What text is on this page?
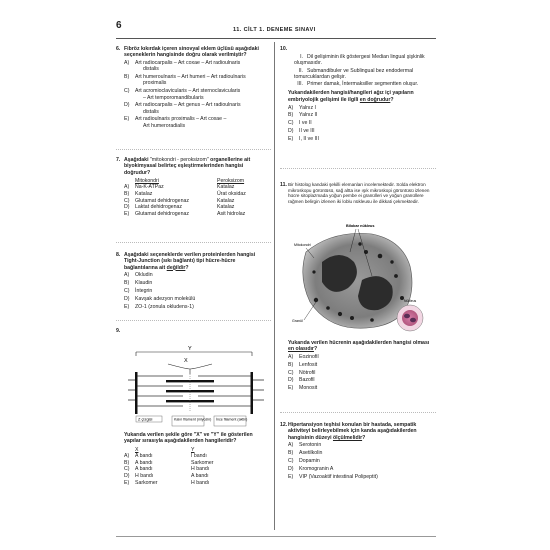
6	11. CİLT 1. DENEME SINAVI
6. Fibröz kıkırdak içeren sinovyal eklem üçlüsü aşağıdaki seçeneklerin hangisinde doğru olarak verilmiştir?
A) Art radiocarpalis – Art coxae – Art radioulnaris
distalis
B) Art humeroulnaris – Art humeri – Art radioulnaris
proximalis
C) Art acromioclavicularis – Art sternoclavicularis
– Art temporomandibularis
D) Art radiocarpalis – Art genus – Art radioulnaris
distalis
E) Art radioulnaris proximalis – Art coxae –
Art humeroradialis
7. Aşağıdaki "mitokondri - peroksizom" organellerine ait biyokimyasal belirteç eşleştirmelerinden hangisi doğrudur?
	Mitokondri	Peroksizom
A)	Na-K-ATPaz	Katalaz
B)	Katalaz	Ürat oksidaz
C)	Glutamat dehidrogenaz	Katalaz
D)	Laktat dehidrogenaz	Katalaz
E)	Glutamat dehidrogenaz	Asit hidrolaz
8. Aşağıdaki seçeneklerde verilen proteinlerden hangisi Tight-Junction (sıkı bağlantı) tipi hücre-hücre bağlantılarına ait değildir?
A) Okludin
B) Klaudin
C) İntegrin
D) Kavşak adezyon molekülü
E) ZO-1 (zonula okludens-1)
9.
Y
X
Z çizgisi	Kalın filament (miyozin) İnce filament (aktin)
Yukarıda verilen şekile göre "X" ve "Y" ile gösterilen yapılar sırasıyla aşağıdakilerden hangileridir?
	X	Y
A)	A bandı	I bandı
B)	A bandı	Sarkomer
C)	A bandı	H bandı
D)	H bandı	A bandı
E)	Sarkomer	H bandı
10.
I. Dil gelişiminin ilk göstergesi Median lingual şişkinlik oluşmasıdır.
II. Submandibuler ve Sublingual bez endodermal tomurcuklardan gelişir.
III. Primer damak, İntermaksiller segmentten oluşur.
Yukarıdakilerden hangisi/hangileri ağız içi yapıların embriyolojik gelişimi ile ilgili en doğrudur?
A) Yalnız I
B) Yalnız II
C) I ve II
D) II ve III
E) I, II ve III
11. Bir histolog kandaki şekilli elemanları incelemektedir. Solda elektron mikroskopu görüntüsü, sağ altta ise ışık mikroskopi görüntüsü izlenen hücre sitoplazmada yoğun pembe ei granülleri ve yoğun granüllere rağmen belirgin izlenen iki loblu nükleusu ile dikkati çekmektedir.
Bilobar nükleus
Granül
Mitokondri
Nükleus
Yukarıda verilen hücrenin aşağıdakilerden hangisi olması en olasıdır?
A) Eozinofil
B) Lenfosit
C) Nötrofil
D) Bazofil
E) Monosit
12. Hipertansiyon teşhisi konulan bir hastada, sempatik aktiviteyi belirleyebilmek için kanda aşağıdakilerden hangisinin düzeyi ölçülmelidir?
A) Serotonin
B) Asetilkolin
C) Dopamin
D) Kromogranin A
E) VIP (Vazoaktif intestinal Polipeptit)
